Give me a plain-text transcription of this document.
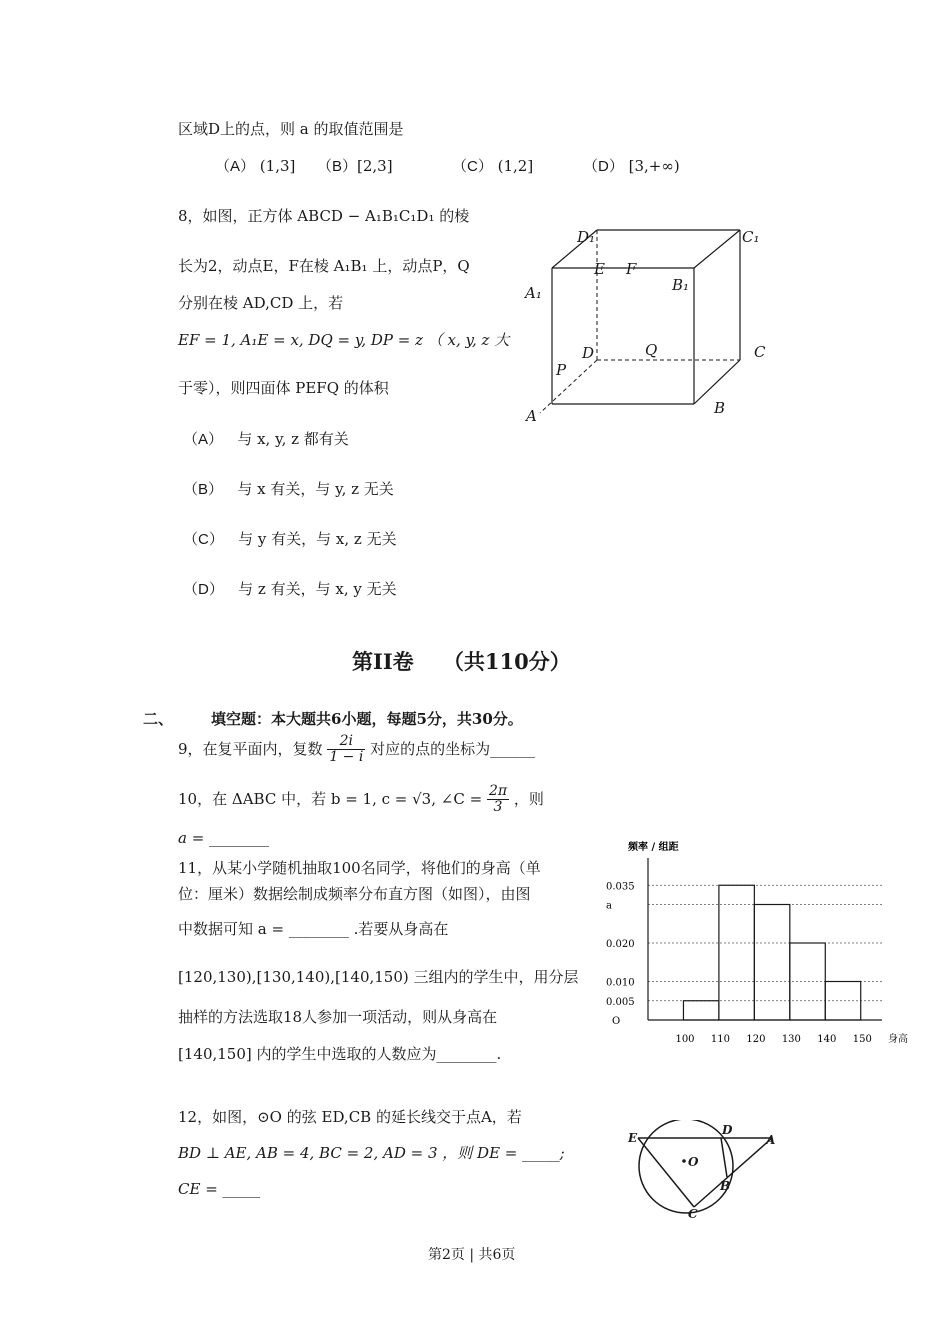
区域D上的点，则 a 的取值范围是
（A） (1,3] （B）[2,3]	（C） (1,2]	（D） [3,+∞)
8，如图，正方体 ABCD − A₁B₁C₁D₁ 的棱
长为2，动点E，F在棱 A₁B₁ 上，动点P，Q
分别在棱 AD,CD 上，若
EF = 1, A₁E = x, DQ = y, DP = z （ x, y, z 大
于零），则四面体 PEFQ 的体积
（A） 与 x, y, z 都有关
（B） 与 x 有关，与 y, z 无关
（C） 与 y 有关，与 x, z 无关
（D） 与 z 有关，与 x, y 无关
D₁	C₁
E F
A₁	B₁
D	Q	C
P
A	B
第II卷 （共110分）
二、	填空题：本大题共6小题，每题5分，共30分。
9，在复平面内，复数 $\frac{2i}{1 - i}$ 对应的点的坐标为______
10，在 ΔABC 中，若 b = 1, c = √3, ∠C = $\frac{2\pi}{3}$ ，则
a = ________
11，从某小学随机抽取100名同学，将他们的身高（单
位：厘米）数据绘制成频率分布直方图（如图），由图
中数据可知 a = ________ .若要从身高在
[120,130),[130,140),[140,150) 三组内的学生中，用分层
抽样的方法选取18人参加一项活动，则从身高在
[140,150] 内的学生中选取的人数应为________.
0.005
0.010
0.020
a
0.035
100 110 120 130 140 150
频率 / 组距
身高
O
12，如图，⊙O 的弦 ED,CB 的延长线交于点A，若
BD ⊥ AE, AB = 4, BC = 2, AD = 3 ，则 DE = _____;
CE = _____
E
D
A
O
B
C
第2页 | 共6页
